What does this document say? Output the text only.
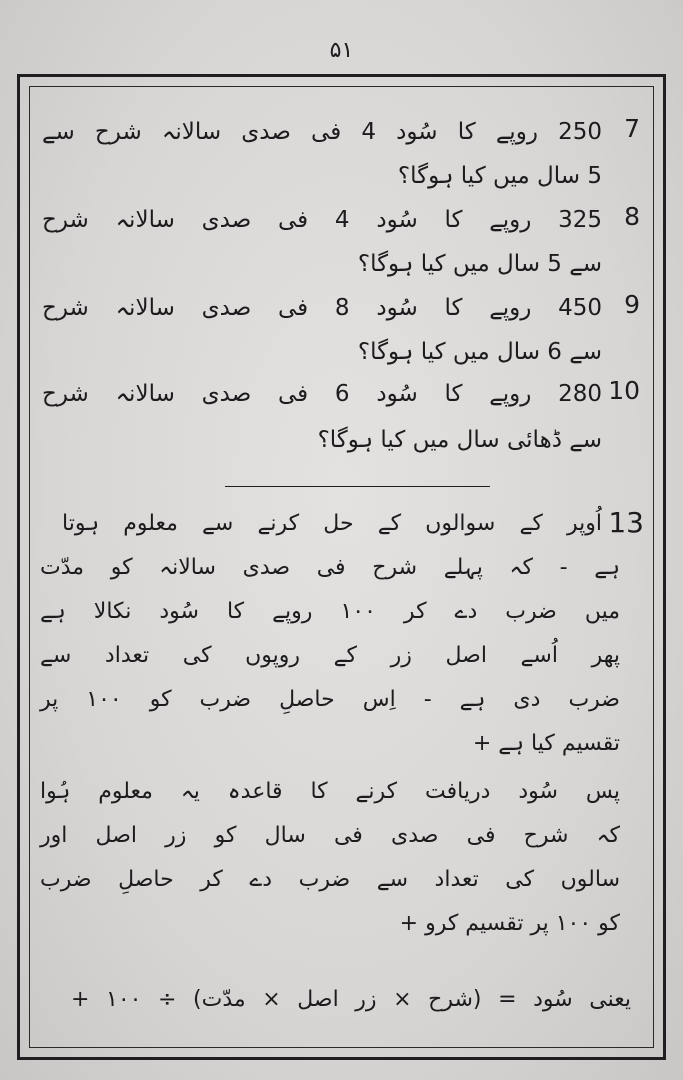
۵۱
7
250 روپے کا سُود 4 فی صدی سالانہ شرح سے
5 سال میں کیا ہوگا؟
8
325 روپے کا سُود 4 فی صدی سالانہ شرح
سے 5 سال میں کیا ہوگا؟
9
450 روپے کا سُود 8 فی صدی سالانہ شرح
سے 6 سال میں کیا ہوگا؟
10
280 روپے کا سُود 6 فی صدی سالانہ شرح
سے ڈھائی سال میں کیا ہوگا؟
13
اُوپر کے سوالوں کے حل کرنے سے معلوم ہوتا
ہے - کہ پہلے شرح فی صدی سالانہ کو مدّت
میں ضرب دے کر ۱۰۰ روپے کا سُود نکالا ہے
پھر اُسے اصل زر کے روپوں کی تعداد سے
ضرب دی ہے - اِس حاصلِ ضرب کو ۱۰۰ پر
تقسیم کیا ہے +
پس سُود دریافت کرنے کا قاعدہ یہ معلوم ہُوا
کہ شرح فی صدی فی سال کو زر اصل اور
سالوں کی تعداد سے ضرب دے کر حاصلِ ضرب
کو ۱۰۰ پر تقسیم کرو +
یعنی سُود = (شرح × زر اصل × مدّت) ÷ ۱۰۰ +
